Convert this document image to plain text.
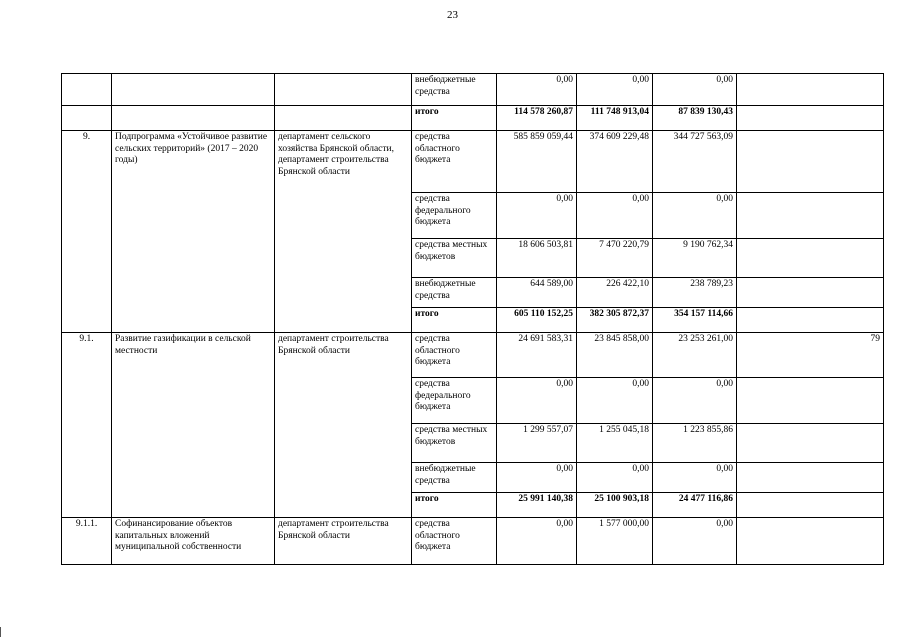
23
			внебюджетные средства	0,00	0,00	0,00	
			итого	114 578 260,87	111 748 913,04	87 839 130,43	
9.	Подпрограмма «Устойчивое развитие сельских территорий» (2017 – 2020 годы)	департамент сельского хозяйства Брянской области, департамент строительства Брянской области	средства областного бюджета	585 859 059,44	374 609 229,48	344 727 563,09	
			средства федерального бюджета	0,00	0,00	0,00	
			средства местных бюджетов	18 606 503,81	7 470 220,79	9 190 762,34	
			внебюджетные средства	644 589,00	226 422,10	238 789,23	
			итого	605 110 152,25	382 305 872,37	354 157 114,66	
9.1.	Развитие газификации в сельской местности	департамент строительства Брянской области	средства областного бюджета	24 691 583,31	23 845 858,00	23 253 261,00	79
			средства федерального бюджета	0,00	0,00	0,00	
			средства местных бюджетов	1 299 557,07	1 255 045,18	1 223 855,86	
			внебюджетные средства	0,00	0,00	0,00	
			итого	25 991 140,38	25 100 903,18	24 477 116,86	
9.1.1.	Софинансирование объектов капитальных вложений муниципальной собственности	департамент строительства Брянской области	средства областного бюджета	0,00	1 577 000,00	0,00	
